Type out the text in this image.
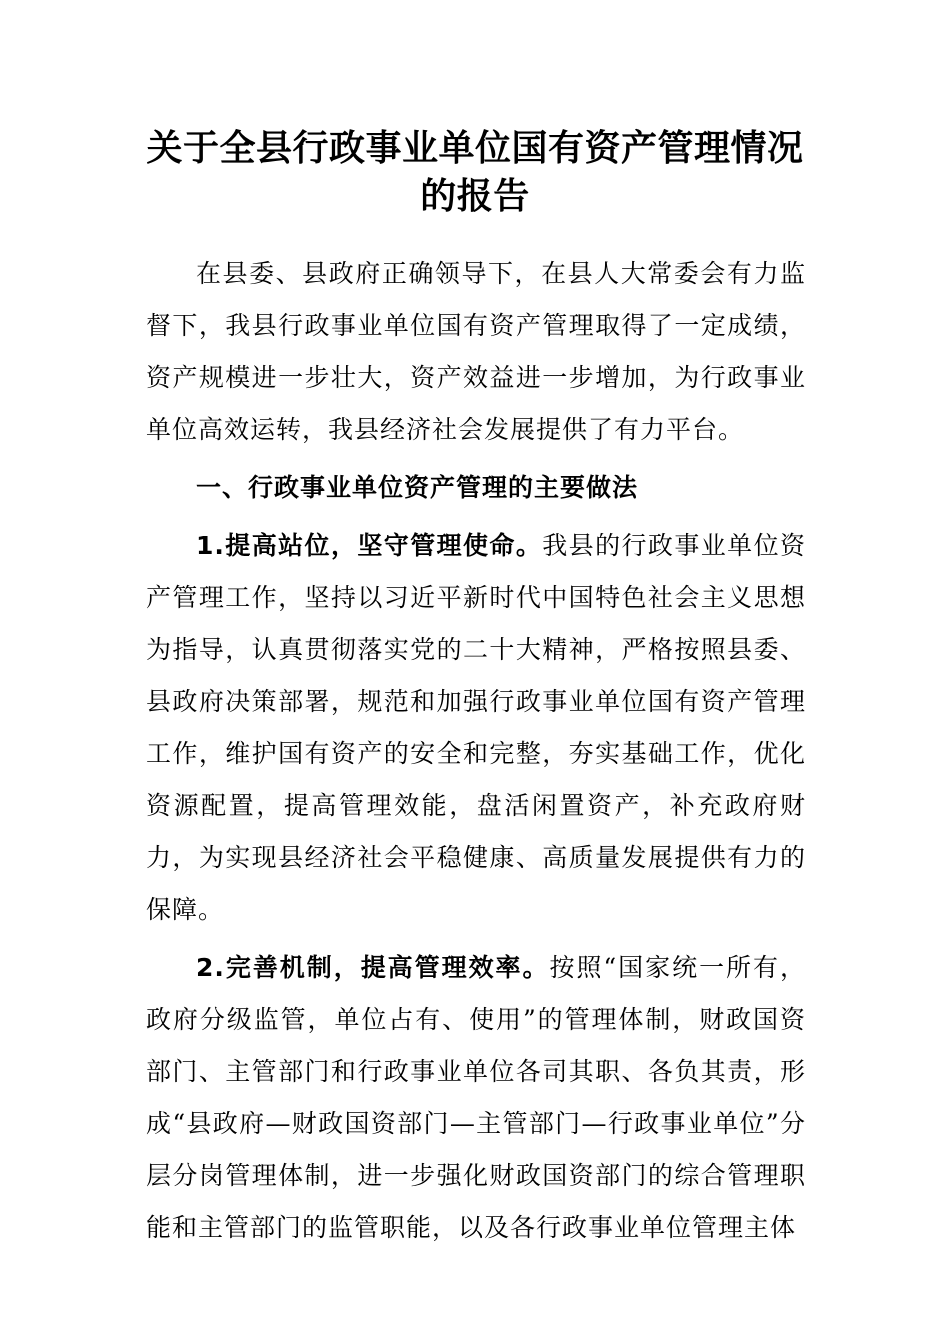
关于全县行政事业单位国有资产管理情况
的报告

在县委、县政府正确领导下，在县人大常委会有力监督下，我县行政事业单位国有资产管理取得了一定成绩，资产规模进一步壮大，资产效益进一步增加，为行政事业单位高效运转，我县经济社会发展提供了有力平台。

一、行政事业单位资产管理的主要做法

1.提高站位，坚守管理使命。我县的行政事业单位资产管理工作，坚持以习近平新时代中国特色社会主义思想为指导，认真贯彻落实党的二十大精神，严格按照县委、县政府决策部署，规范和加强行政事业单位国有资产管理工作，维护国有资产的安全和完整，夯实基础工作，优化资源配置，提高管理效能，盘活闲置资产，补充政府财力，为实现县经济社会平稳健康、高质量发展提供有力的保障。

2.完善机制，提高管理效率。按照“国家统一所有，政府分级监管，单位占有、使用”的管理体制，财政国资部门、主管部门和行政事业单位各司其职、各负其责，形成“县政府—财政国资部门—主管部门—行政事业单位”分层分岗管理体制，进一步强化财政国资部门的综合管理职能和主管部门的监管职能，以及各行政事业单位管理主体
